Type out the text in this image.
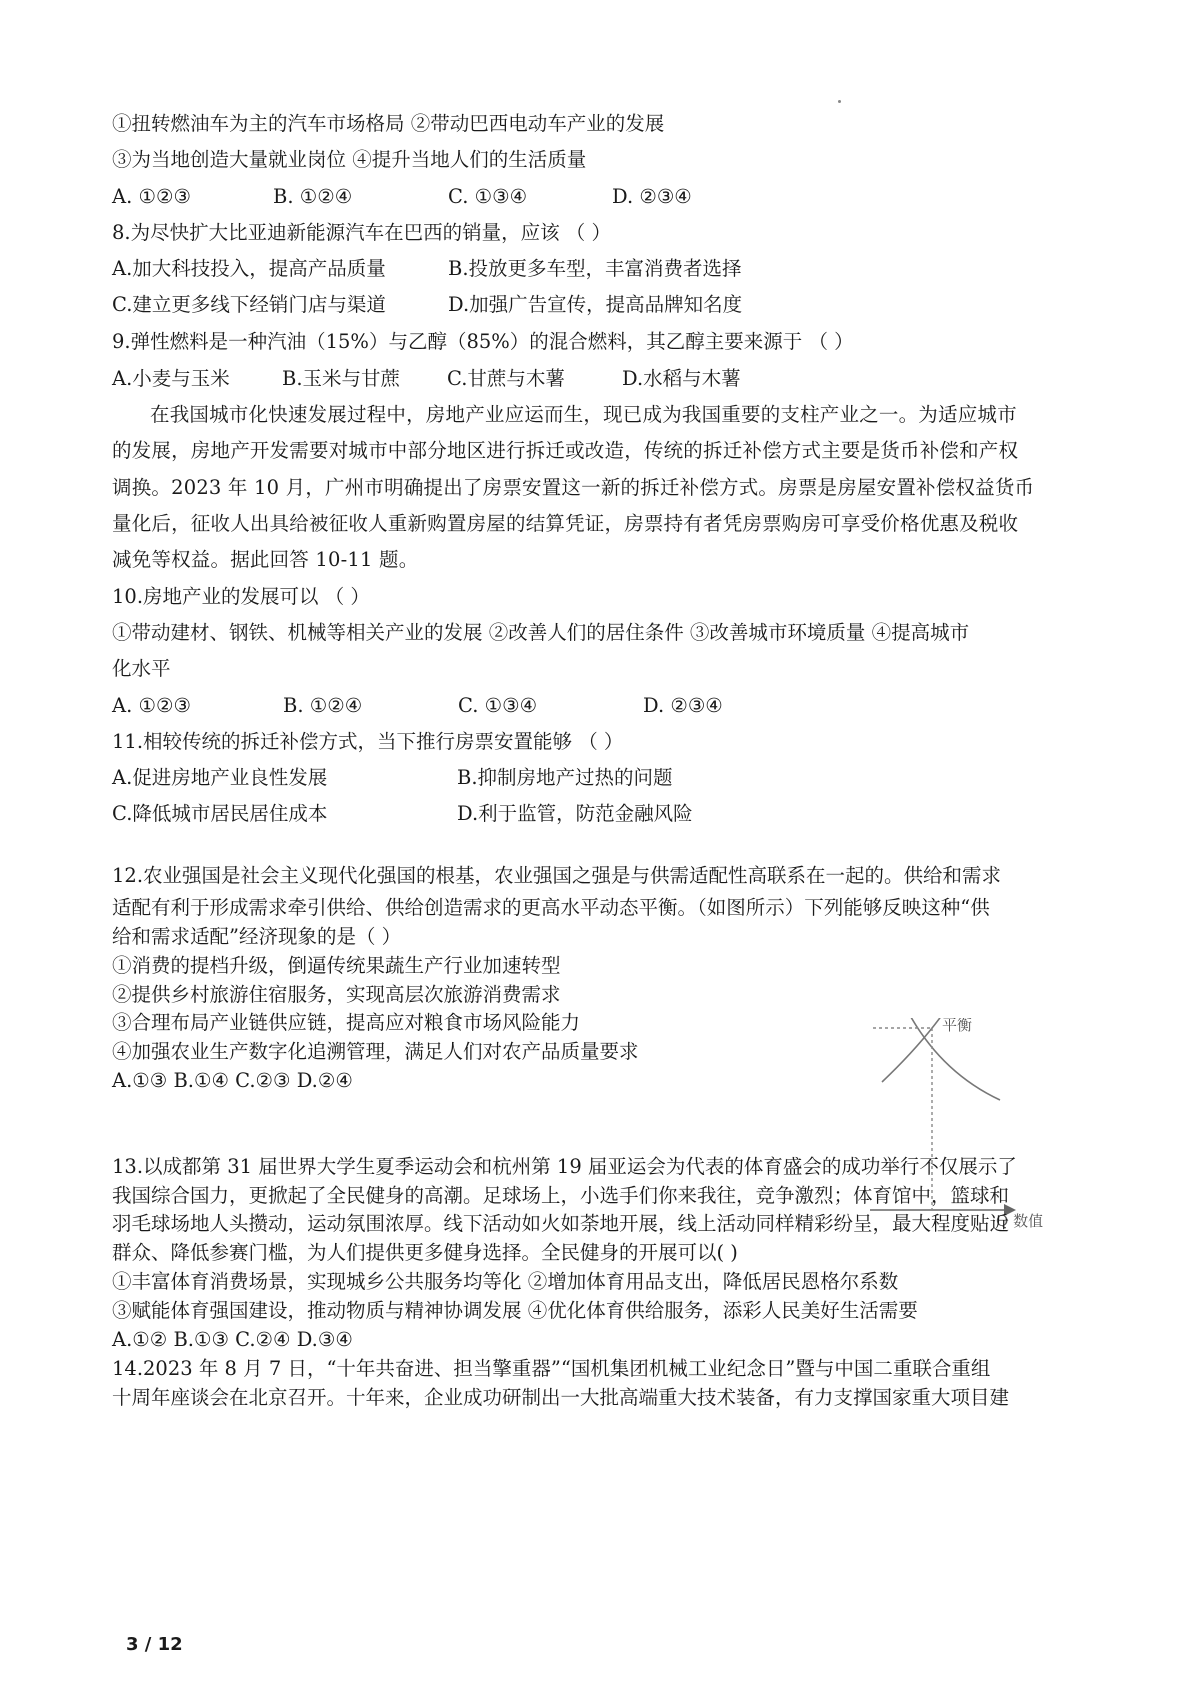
①扭转燃油车为主的汽车市场格局 ②带动巴西电动车产业的发展
③为当地创造大量就业岗位 ④提升当地人们的生活质量
A. ①②③	B. ①②④	C. ①③④	D. ②③④
8.为尽快扩大比亚迪新能源汽车在巴西的销量，应该 （ ）
A.加大科技投入，提高产品质量	B.投放更多车型，丰富消费者选择
C.建立更多线下经销门店与渠道	D.加强广告宣传，提高品牌知名度
9.弹性燃料是一种汽油（15%）与乙醇（85%）的混合燃料，其乙醇主要来源于 （ ）
A.小麦与玉米	B.玉米与甘蔗 C.甘蔗与木薯	D.水稻与木薯
在我国城市化快速发展过程中，房地产业应运而生，现已成为我国重要的支柱产业之一。为适应城市
的发展，房地产开发需要对城市中部分地区进行拆迁或改造，传统的拆迁补偿方式主要是货币补偿和产权
调换。2023 年 10 月，广州市明确提出了房票安置这一新的拆迁补偿方式。房票是房屋安置补偿权益货币
量化后，征收人出具给被征收人重新购置房屋的结算凭证，房票持有者凭房票购房可享受价格优惠及税收
减免等权益。据此回答 10-11 题。
10.房地产业的发展可以 （ ）
①带动建材、钢铁、机械等相关产业的发展 ②改善人们的居住条件 ③改善城市环境质量 ④提高城市
化水平
A. ①②③	B. ①②④	C. ①③④	D. ②③④
11.相较传统的拆迁补偿方式，当下推行房票安置能够 （ ）
A.促进房地产业良性发展	B.抑制房地产过热的问题
C.降低城市居民居住成本	D.利于监管，防范金融风险
12.农业强国是社会主义现代化强国的根基，农业强国之强是与供需适配性高联系在一起的。供给和需求
适配有利于形成需求牵引供给、供给创造需求的更高水平动态平衡。（如图所示）下列能够反映这种“供
给和需求适配”经济现象的是（ ）
①消费的提档升级，倒逼传统果蔬生产行业加速转型
②提供乡村旅游住宿服务，实现高层次旅游消费需求
③合理布局产业链供应链，提高应对粮食市场风险能力
④加强农业生产数字化追溯管理，满足人们对农产品质量要求
A.①③ B.①④ C.②③ D.②④
平衡
Q 数值
13.以成都第 31 届世界大学生夏季运动会和杭州第 19 届亚运会为代表的体育盛会的成功举行不仅展示了
我国综合国力，更掀起了全民健身的高潮。足球场上，小选手们你来我往，竞争激烈；体育馆中，篮球和
羽毛球场地人头攒动，运动氛围浓厚。线下活动如火如荼地开展，线上活动同样精彩纷呈，最大程度贴近
群众、降低参赛门槛，为人们提供更多健身选择。全民健身的开展可以( )
①丰富体育消费场景，实现城乡公共服务均等化 ②增加体育用品支出，降低居民恩格尔系数
③赋能体育强国建设，推动物质与精神协调发展 ④优化体育供给服务，添彩人民美好生活需要
A.①② B.①③ C.②④ D.③④
14.2023 年 8 月 7 日，“十年共奋进、担当擎重器”“国机集团机械工业纪念日”暨与中国二重联合重组
十周年座谈会在北京召开。十年来，企业成功研制出一大批高端重大技术装备，有力支撑国家重大项目建
3 / 12
